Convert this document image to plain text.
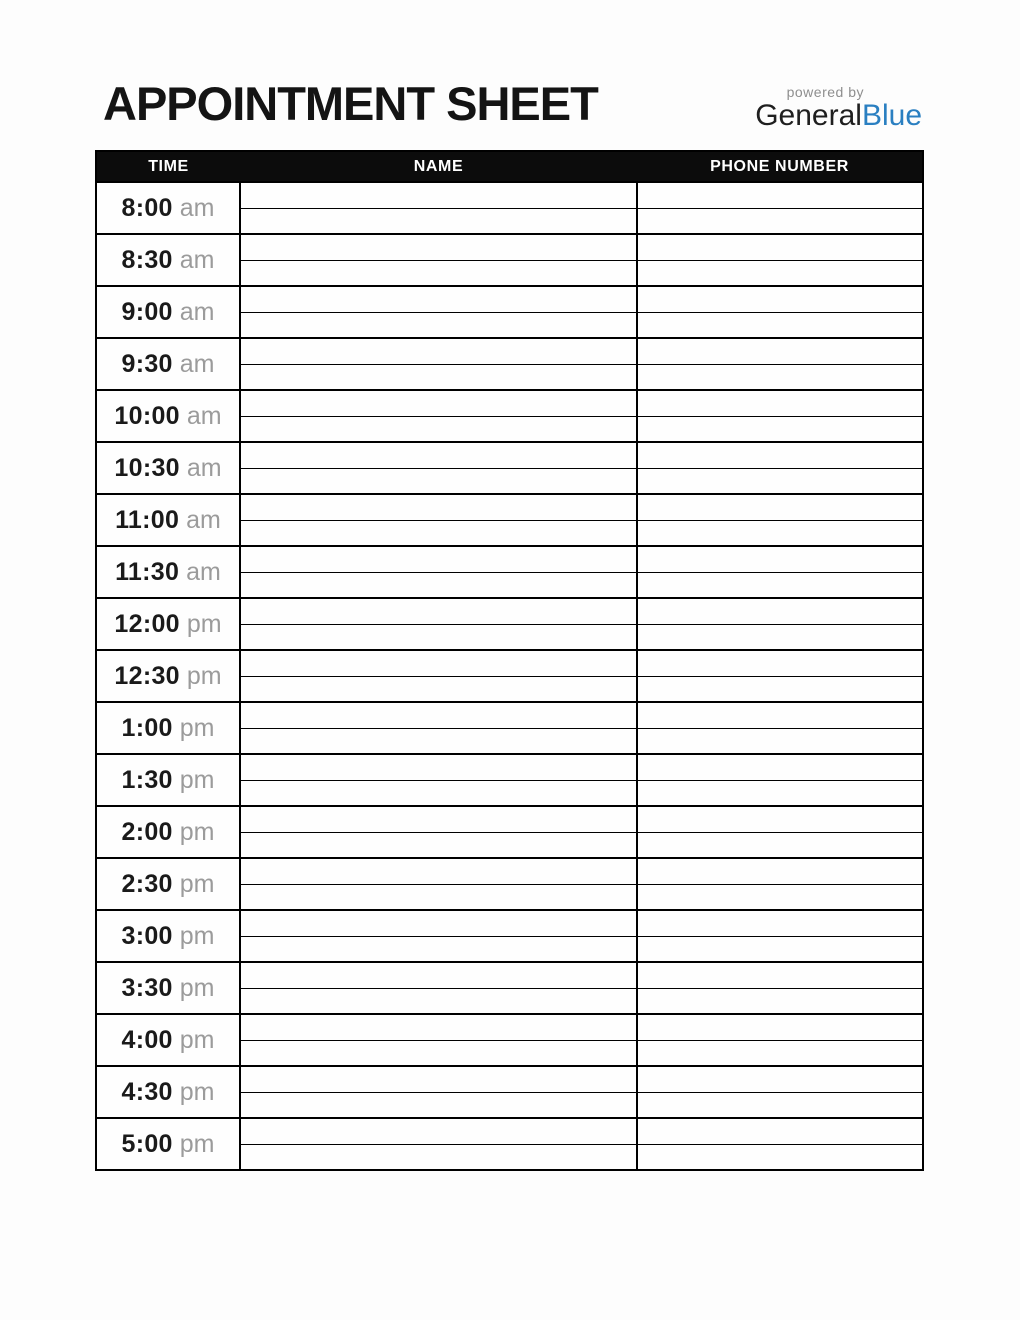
APPOINTMENT SHEET	powered by
GeneralBlue
TIME	NAME	PHONE NUMBER
8:00 am		

8:30 am		

9:00 am		

9:30 am		

10:00 am		

10:30 am		

11:00 am		

11:30 am		

12:00 pm		

12:30 pm		

1:00 pm		

1:30 pm		

2:00 pm		

2:30 pm		

3:00 pm		

3:30 pm		

4:00 pm		

4:30 pm		

5:00 pm		
